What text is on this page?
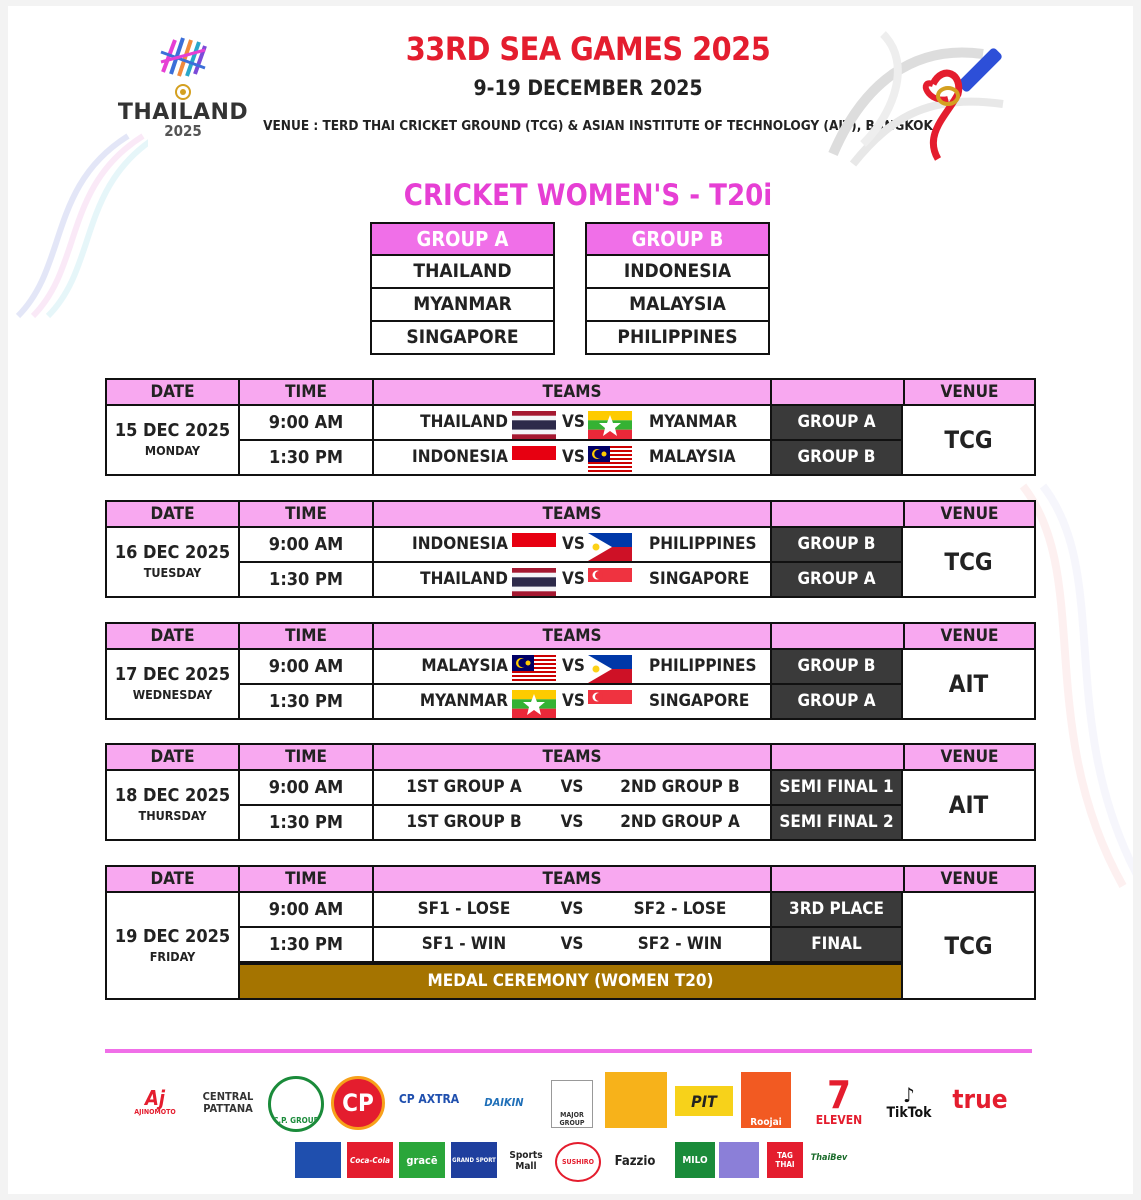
THAILAND
2025
33RD SEA GAMES 2025
9-19 DECEMBER 2025
VENUE : TERD THAI CRICKET GROUND (TCG) & ASIAN INSTITUTE OF TECHNOLOGY (AIT), BANGKOK
CRICKET WOMEN'S - T20i
GROUP A
THAILAND
MYANMAR
SINGAPORE
GROUP B
INDONESIA
MALAYSIA
PHILIPPINES
DATE	TIME	TEAMS	VENUE
15 DEC 2025
MONDAY
9:00 AM	THAILAND	VS	MYANMAR	GROUP A
1:30 PM	INDONESIA	VS	MALAYSIA	GROUP B
TCG
DATE	TIME	TEAMS	VENUE
16 DEC 2025
TUESDAY
9:00 AM	INDONESIA	VS	PHILIPPINES	GROUP B
1:30 PM	THAILAND	VS	SINGAPORE	GROUP A
TCG
DATE	TIME	TEAMS	VENUE
17 DEC 2025
WEDNESDAY
9:00 AM	MALAYSIA	VS	PHILIPPINES	GROUP B
1:30 PM	MYANMAR	VS	SINGAPORE	GROUP A
AIT
DATE	TIME	TEAMS	VENUE
18 DEC 2025
THURSDAY
9:00 AM	1ST GROUP A	VS	2ND GROUP B	SEMI FINAL 1
1:30 PM	1ST GROUP B	VS	2ND GROUP A	SEMI FINAL 2
AIT
DATE	TIME	TEAMS	VENUE
19 DEC 2025
FRIDAY
9:00 AM	SF1 - LOSE	VS	SF2 - LOSE	3RD PLACE
1:30 PM	SF1 - WIN	VS	SF2 - WIN	FINAL
MEDAL CEREMONY (WOMEN T20)
TCG
Aj
AJINOMOTO
CENTRAL PATTANA
C.P. GROUP
CP	CP AXTRA	DAIKIN
MAJOR GROUP
PIT
Roojai
7
ELEVEN
♪
TikTok true
Coca-Cola	gracē	GRAND SPORT	Sports Mall	SUSHIRO	Fazzio	MILO	TAG THAI
ThaiBev
